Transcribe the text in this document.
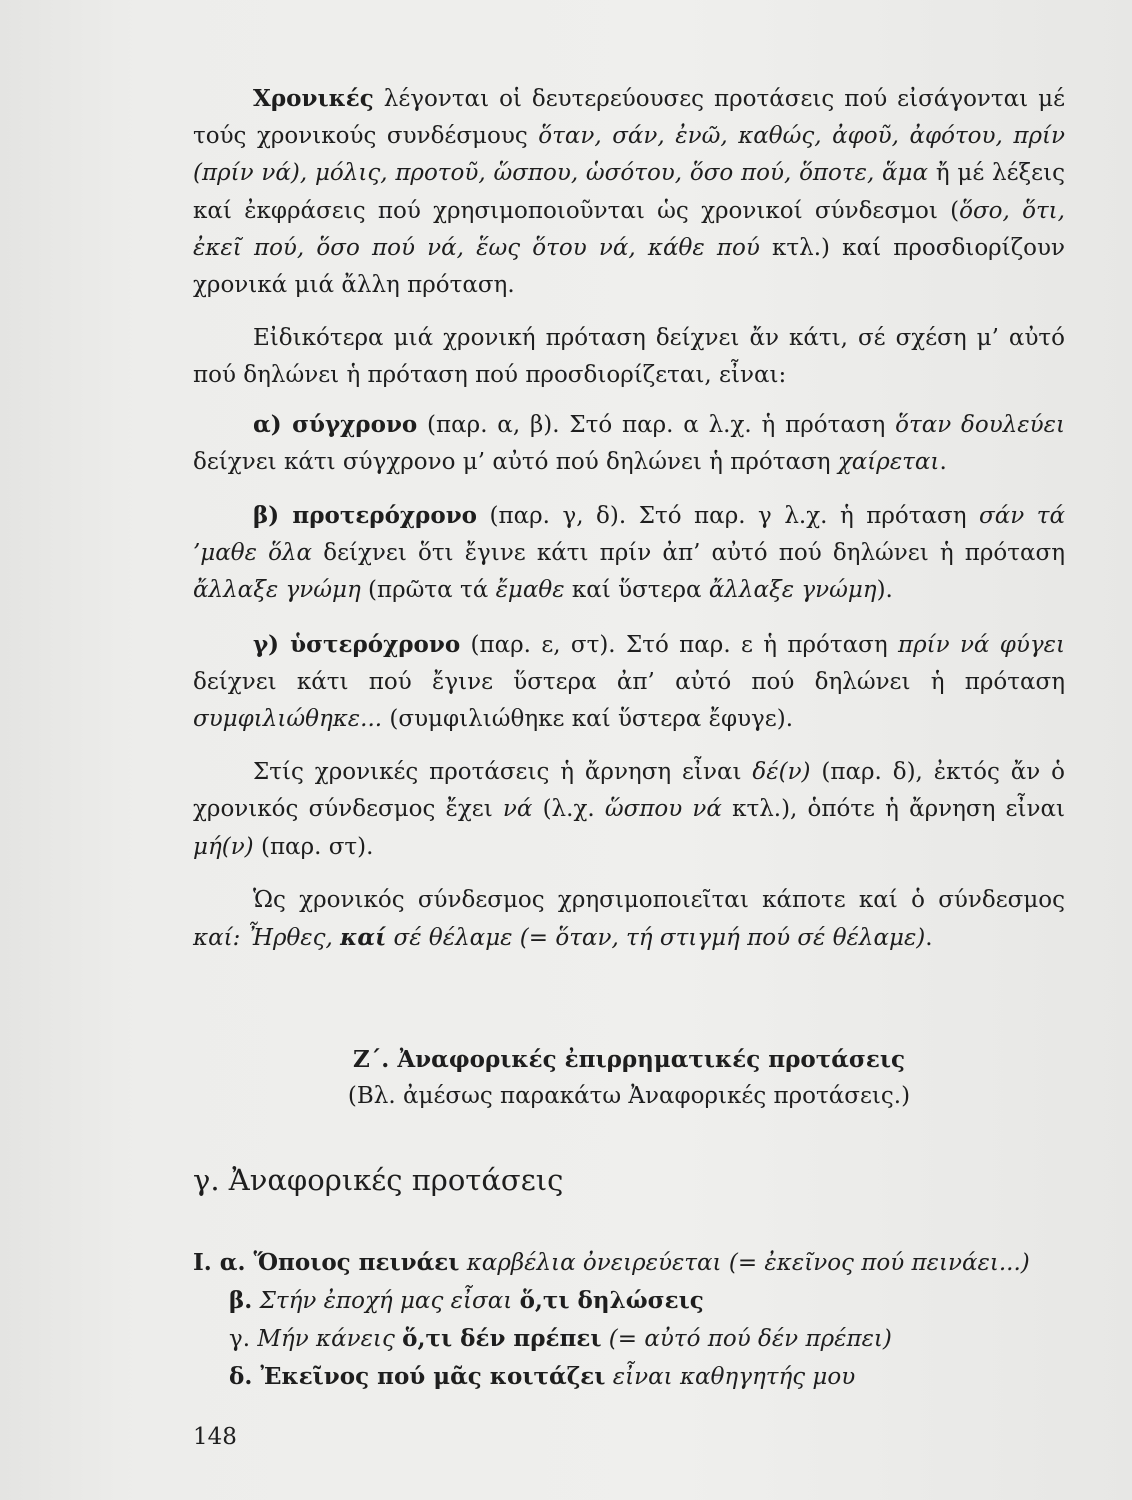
Χρονικές λέγονται οἱ δευτερεύουσες προτάσεις πού εἰσάγονται μέ τούς χρονικούς συνδέσμους ὅταν, σάν, ἐνῶ, καθώς, ἀφοῦ, ἀφότου, πρίν (πρίν νά), μόλις, προτοῦ, ὥσπου, ὡσότου, ὅσο πού, ὅποτε, ἅμα ἤ μέ λέξεις καί ἐκφράσεις πού χρησιμοποιοῦνται ὡς χρονικοί σύνδεσμοι (ὅσο, ὅτι, ἐκεῖ πού, ὅσο πού νά, ἕως ὅτου νά, κάθε πού κτλ.) καί προσδιορίζουν χρονικά μιά ἄλλη πρόταση.

Εἰδικότερα μιά χρονική πρόταση δείχνει ἄν κάτι, σέ σχέση μ’ αὐτό πού δηλώνει ἡ πρόταση πού προσδιορίζεται, εἶναι:

α) σύγχρονο (παρ. α, β). Στό παρ. α λ.χ. ἡ πρόταση ὅταν δουλεύει δείχνει κάτι σύγχρονο μ’ αὐτό πού δηλώνει ἡ πρόταση χαίρεται.

β) προτερόχρονο (παρ. γ, δ). Στό παρ. γ λ.χ. ἡ πρόταση σάν τά ’μαθε ὅλα δείχνει ὅτι ἔγινε κάτι πρίν ἀπ’ αὐτό πού δηλώνει ἡ πρόταση ἄλλαξε γνώμη (πρῶτα τά ἔμαθε καί ὕστερα ἄλλαξε γνώμη).

γ) ὑστερόχρονο (παρ. ε, στ). Στό παρ. ε ἡ πρόταση πρίν νά φύγει δείχνει κάτι πού ἔγινε ὕστερα ἀπ’ αὐτό πού δηλώνει ἡ πρόταση συμφιλιώθηκε... (συμφιλιώθηκε καί ὕστερα ἔφυγε).

Στίς χρονικές προτάσεις ἡ ἄρνηση εἶναι δέ(ν) (παρ. δ), ἐκτός ἄν ὁ χρονικός σύνδεσμος ἔχει νά (λ.χ. ὥσπου νά κτλ.), ὁπότε ἡ ἄρνηση εἶναι μή(ν) (παρ. στ).

Ὡς χρονικός σύνδεσμος χρησιμοποιεῖται κάποτε καί ὁ σύνδεσμος καί: Ἦρθες, καί σέ θέλαμε (= ὅταν, τή στιγμή πού σέ θέλαμε).

Ζ΄. Ἀναφορικές ἐπιρρηματικές προτάσεις
(Βλ. ἀμέσως παρακάτω Ἀναφορικές προτάσεις.)
γ. Ἀναφορικές προτάσεις
I. α. Ὅποιος πεινάει καρβέλια ὀνειρεύεται (= ἐκεῖνος πού πεινάει...)
β. Στήν ἐποχή μας εἶσαι ὅ,τι δηλώσεις
γ. Μήν κάνεις ὅ,τι δέν πρέπει (= αὐτό πού δέν πρέπει)
δ. Ἐκεῖνος πού μᾶς κοιτάζει εἶναι καθηγητής μου
148
